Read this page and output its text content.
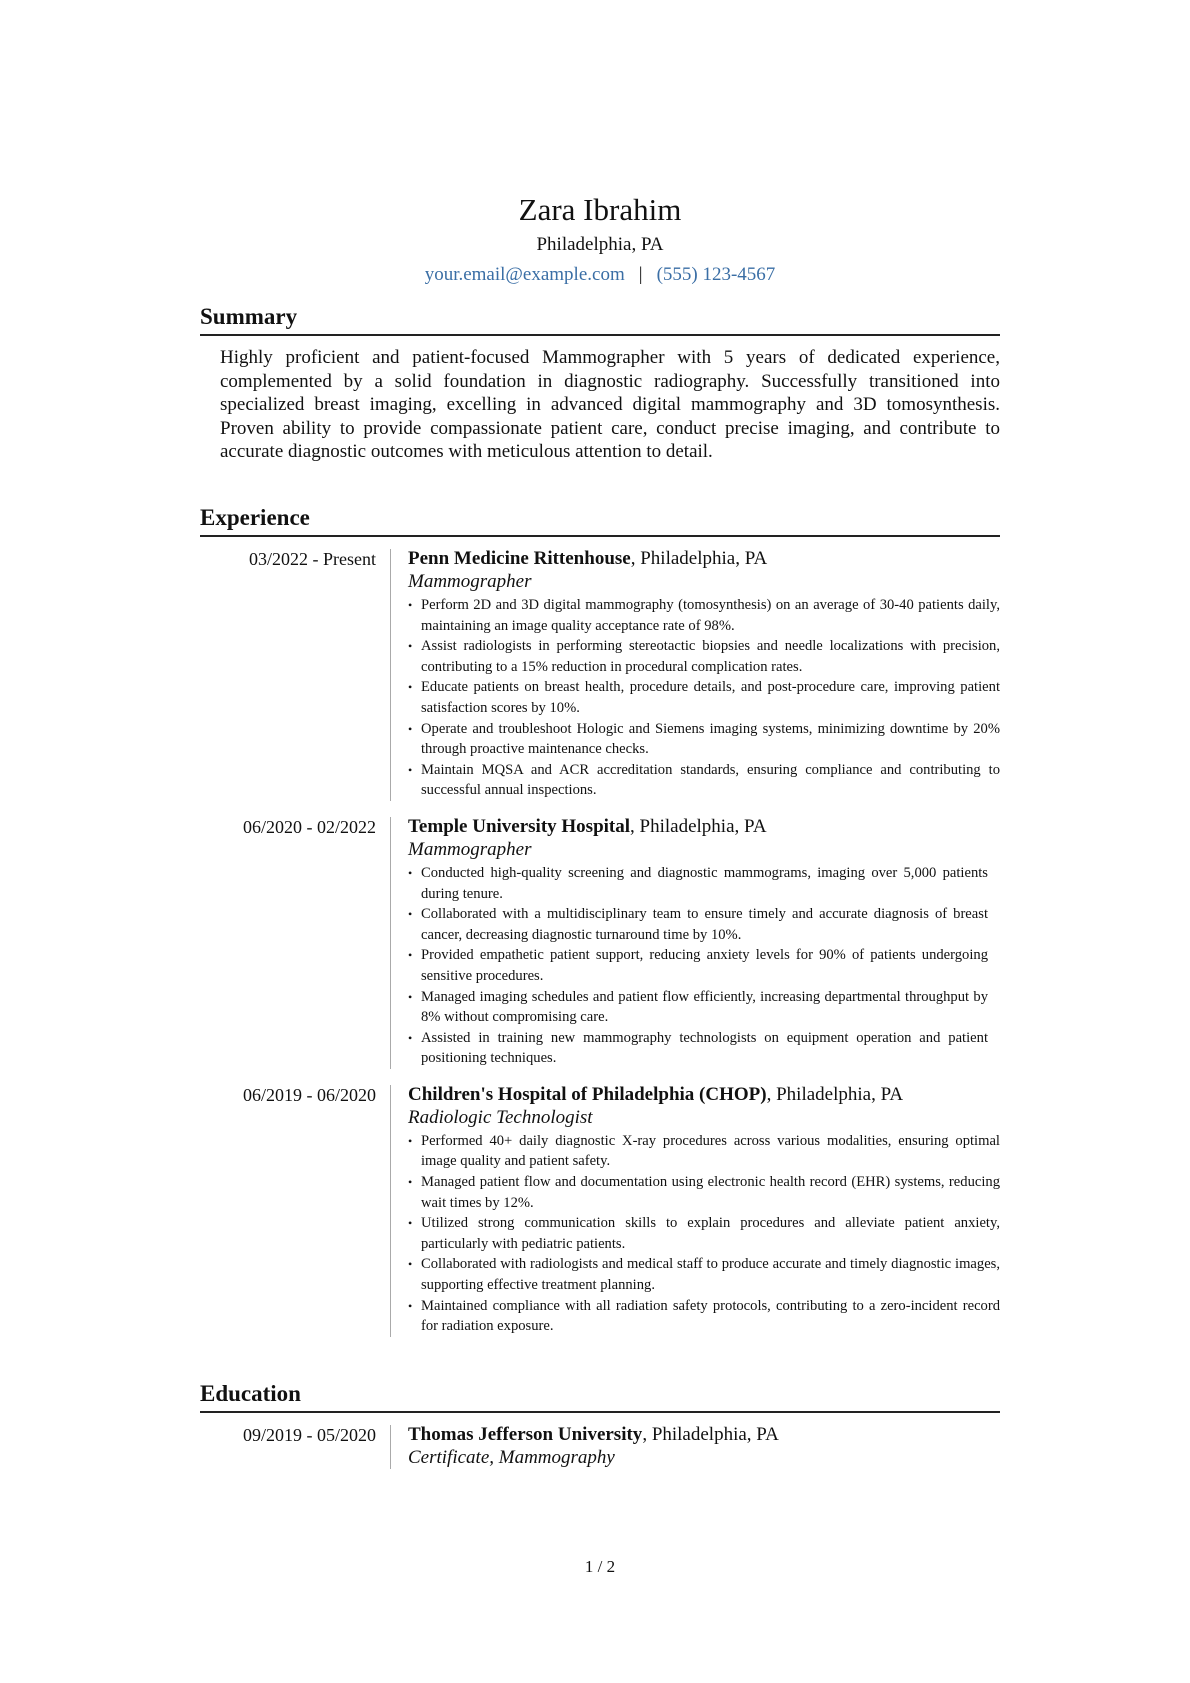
Zara Ibrahim
Philadelphia, PA
your.email@example.com | (555) 123-4567
Summary

Highly proficient and patient-focused Mammographer with 5 years of dedicated experience, complemented by a solid foundation in diagnostic radiography. Successfully transitioned into specialized breast imaging, excelling in advanced digital mammography and 3D tomosynthesis. Proven ability to provide compassionate patient care, conduct precise imaging, and contribute to accurate diagnostic outcomes with meticulous attention to detail.

Experience
03/2022 - Present Penn Medicine Rittenhouse, Philadelphia, PA
Mammographer
• Perform 2D and 3D digital mammography (tomosynthesis) on an average of 30-40 patients daily, maintaining an image quality acceptance rate of 98%.
• Assist radiologists in performing stereotactic biopsies and needle localizations with precision, contributing to a 15% reduction in procedural complication rates.
• Educate patients on breast health, procedure details, and post-procedure care, improving patient satisfaction scores by 10%.
• Operate and troubleshoot Hologic and Siemens imaging systems, minimizing downtime by 20% through proactive maintenance checks.
• Maintain MQSA and ACR accreditation standards, ensuring compliance and contributing to successful annual inspections.
06/2020 - 02/2022 Temple University Hospital, Philadelphia, PA
Mammographer
• Conducted high-quality screening and diagnostic mammograms, imaging over 5,000 patients during tenure.
• Collaborated with a multidisciplinary team to ensure timely and accurate diagnosis of breast cancer, decreasing diagnostic turnaround time by 10%.
• Provided empathetic patient support, reducing anxiety levels for 90% of patients undergoing sensitive procedures.
• Managed imaging schedules and patient flow efficiently, increasing departmental throughput by 8% without compromising care.
• Assisted in training new mammography technologists on equipment operation and patient positioning techniques.
06/2019 - 06/2020 Children's Hospital of Philadelphia (CHOP), Philadelphia, PA
Radiologic Technologist
• Performed 40+ daily diagnostic X-ray procedures across various modalities, ensuring optimal image quality and patient safety.
• Managed patient flow and documentation using electronic health record (EHR) systems, reducing wait times by 12%.
• Utilized strong communication skills to explain procedures and alleviate patient anxiety, particularly with pediatric patients.
• Collaborated with radiologists and medical staff to produce accurate and timely diagnostic images, supporting effective treatment planning.
• Maintained compliance with all radiation safety protocols, contributing to a zero-incident record for radiation exposure.
Education
09/2019 - 05/2020 Thomas Jefferson University, Philadelphia, PA
Certificate, Mammography
1 / 2
